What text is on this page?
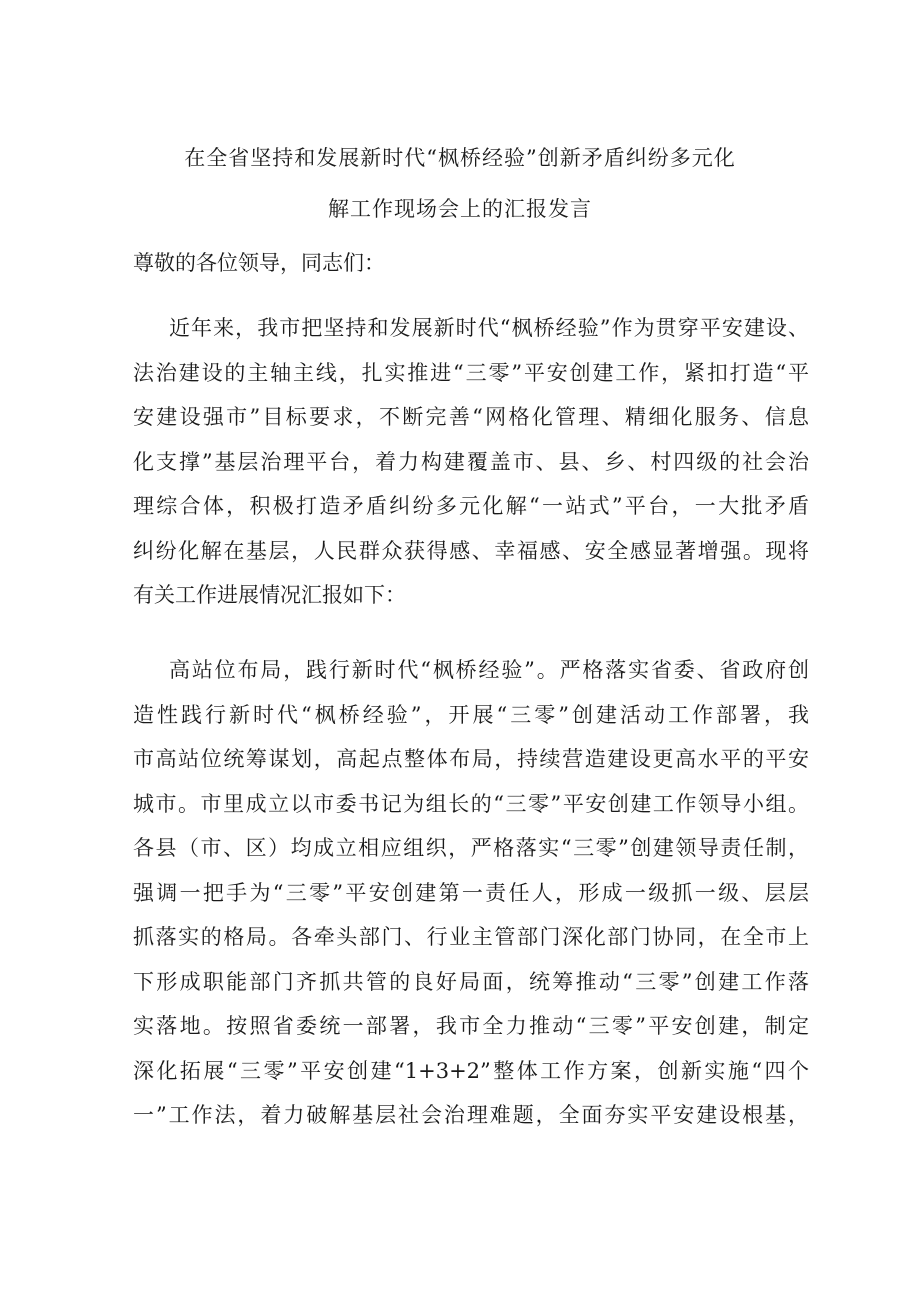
在全省坚持和发展新时代“枫桥经验”创新矛盾纠纷多元化
解工作现场会上的汇报发言
尊敬的各位领导，同志们：
近年来，我市把坚持和发展新时代“枫桥经验”作为贯穿平安建设、
法治建设的主轴主线，扎实推进“三零”平安创建工作，紧扣打造“平
安建设强市”目标要求，不断完善“网格化管理、精细化服务、信息
化支撑”基层治理平台，着力构建覆盖市、县、乡、村四级的社会治
理综合体，积极打造矛盾纠纷多元化解“一站式”平台，一大批矛盾
纠纷化解在基层，人民群众获得感、幸福感、安全感显著增强。现将
有关工作进展情况汇报如下：
高站位布局，践行新时代“枫桥经验”。严格落实省委、省政府创
造性践行新时代“枫桥经验”，开展“三零”创建活动工作部署，我
市高站位统筹谋划，高起点整体布局，持续营造建设更高水平的平安
城市。市里成立以市委书记为组长的“三零”平安创建工作领导小组。
各县（市、区）均成立相应组织，严格落实“三零”创建领导责任制，
强调一把手为“三零”平安创建第一责任人，形成一级抓一级、层层
抓落实的格局。各牵头部门、行业主管部门深化部门协同，在全市上
下形成职能部门齐抓共管的良好局面，统筹推动“三零”创建工作落
实落地。按照省委统一部署，我市全力推动“三零”平安创建，制定
深化拓展“三零”平安创建“1+3+2”整体工作方案，创新实施“四个
一”工作法，着力破解基层社会治理难题，全面夯实平安建设根基，
